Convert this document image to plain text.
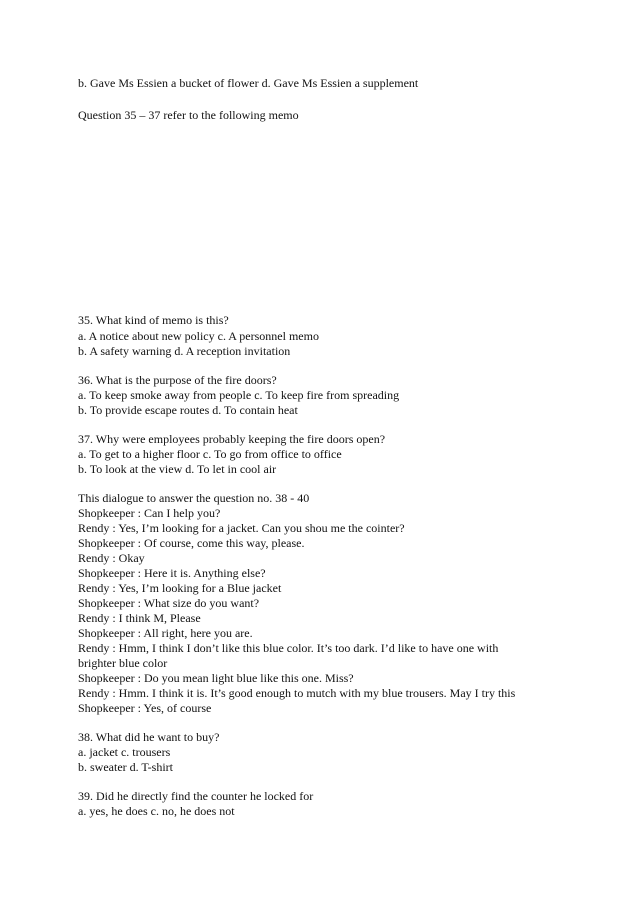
b. Gave Ms Essien a bucket of flower d. Gave Ms Essien a supplement
Question 35 – 37 refer to the following memo
35. What kind of memo is this?
a. A notice about new policy c. A personnel memo
b. A safety warning d. A reception invitation
36. What is the purpose of the fire doors?
a. To keep smoke away from people c. To keep fire from spreading
b. To provide escape routes d. To contain heat
37. Why were employees probably keeping the fire doors open?
a. To get to a higher floor c. To go from office to office
b. To look at the view d. To let in cool air
This dialogue to answer the question no. 38 - 40
Shopkeeper : Can I help you?
Rendy : Yes, I’m looking for a jacket. Can you shou me the cointer?
Shopkeeper : Of course, come this way, please.
Rendy : Okay
Shopkeeper : Here it is. Anything else?
Rendy : Yes, I’m looking for a Blue jacket
Shopkeeper : What size do you want?
Rendy : I think M, Please
Shopkeeper : All right, here you are.
Rendy : Hmm, I think I don’t like this blue color. It’s too dark. I’d like to have one with
brighter blue color
Shopkeeper : Do you mean light blue like this one. Miss?
Rendy : Hmm. I think it is. It’s good enough to mutch with my blue trousers. May I try this
Shopkeeper : Yes, of course
38. What did he want to buy?
a. jacket c. trousers
b. sweater d. T-shirt
39. Did he directly find the counter he locked for
a. yes, he does c. no, he does not
